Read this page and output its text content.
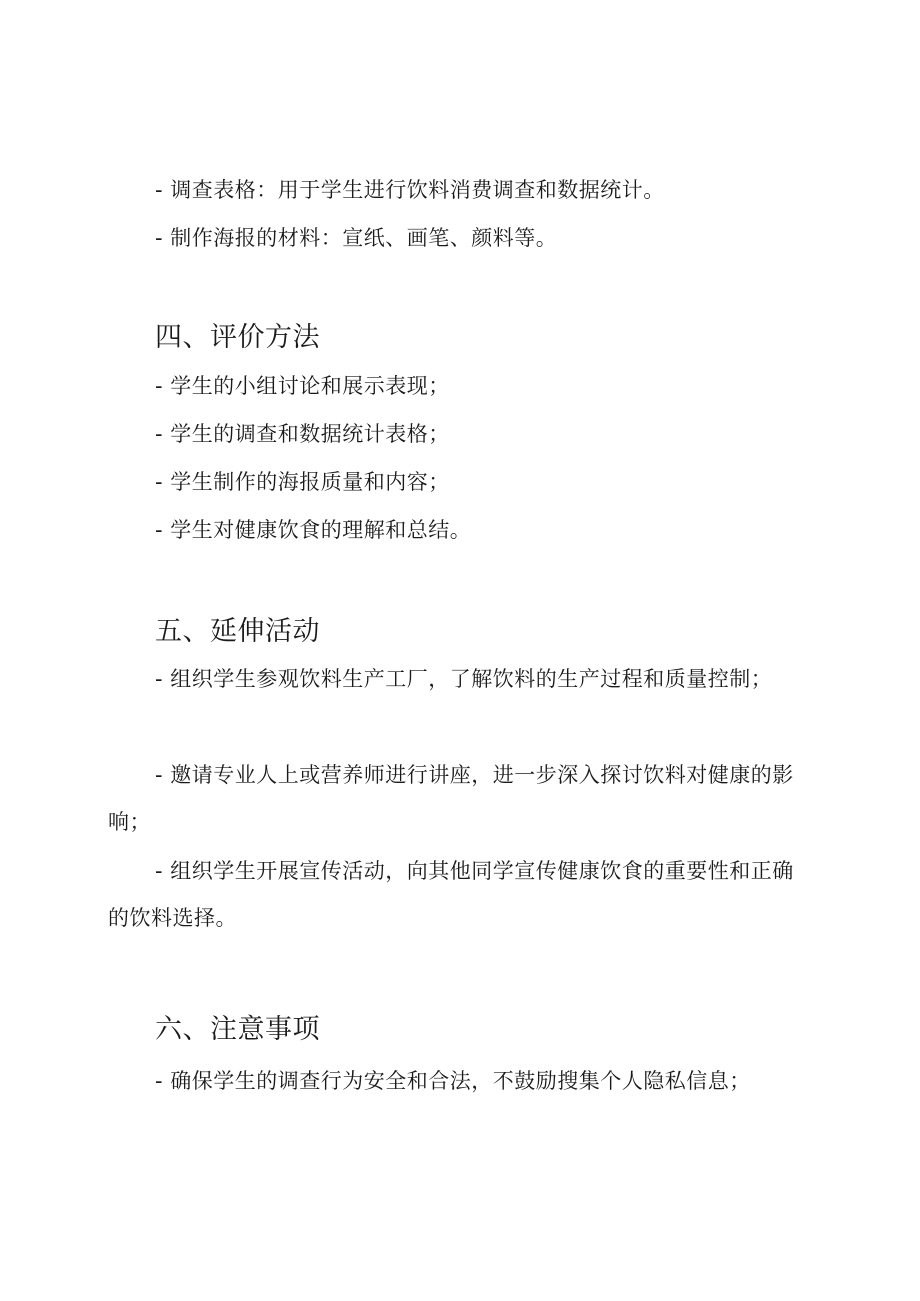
- 调查表格：用于学生进行饮料消费调查和数据统计。
- 制作海报的材料：宣纸、画笔、颜料等。
四、评价方法
- 学生的小组讨论和展示表现；
- 学生的调查和数据统计表格；
- 学生制作的海报质量和内容；
- 学生对健康饮食的理解和总结。
五、延伸活动
- 组织学生参观饮料生产工厂，了解饮料的生产过程和质量控制；
- 邀请专业人上或营养师进行讲座，进一步深入探讨饮料对健康的影响；
- 组织学生开展宣传活动，向其他同学宣传健康饮食的重要性和正确的饮料选择。
六、注意事项
- 确保学生的调查行为安全和合法，不鼓励搜集个人隐私信息；
